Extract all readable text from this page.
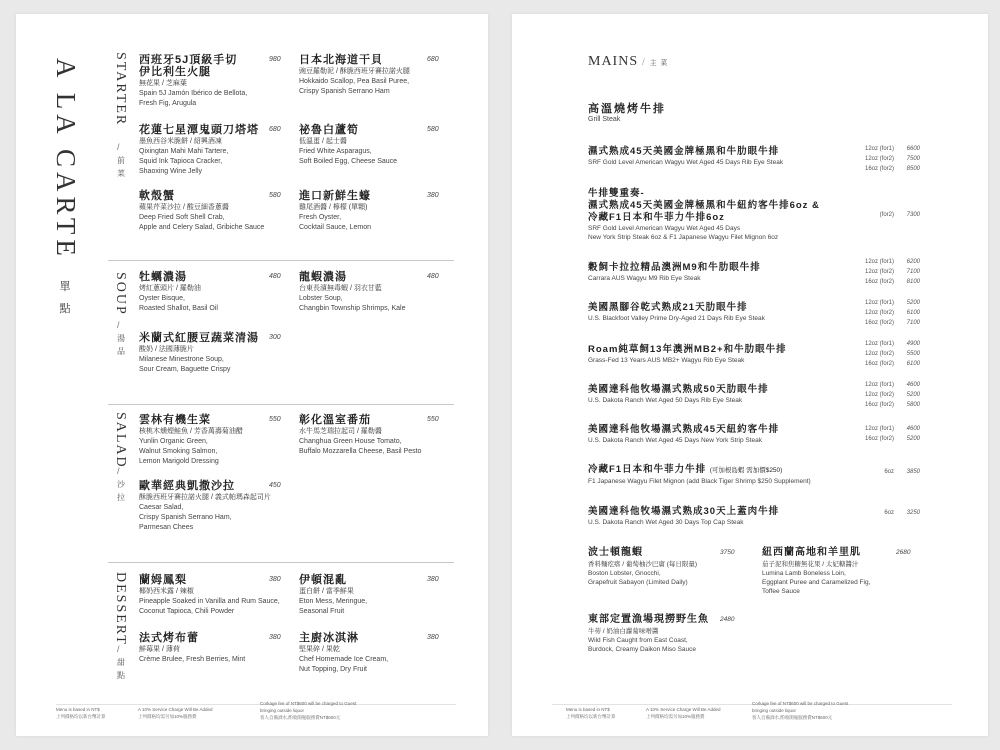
A LA CARTE
單
點
STARTER
/
前
菜
西班牙5J頂級手切
伊比利生火腿
無花果 / 芝麻葉
Spain 5J Jamón Ibérico de Bellota,
Fresh Fig, Arugula
980 日本北海道干貝
豌豆羅勒泥 / 酥脆西班牙賽拉諾火腿
Hokkaido Scallop, Pea Basil Puree,
Crispy Spanish Serrano Ham
680
花蓮七星潭鬼頭刀塔塔
墨魚西谷米脆餅 / 紹興酒凍
Qixingtan Mahi Mahi Tartere,
Squid Ink Tapioca Cracker,
Shaoxing Wine Jelly
680 祕魯白蘆筍
低溫蛋 / 起士醬
Fried White Asparagus,
Soft Boiled Egg, Cheese Sauce
580
軟殼蟹
蘋果芹菜沙拉 / 酸豆細香蔥醬
Deep Fried Soft Shell Crab,
Apple and Celery Salad, Gribiche Sauce
580 進口新鮮生蠔
雞尾酒醬 / 檸檬 (單顆)
Fresh Oyster,
Cocktail Sauce, Lemon
380
SOUP
/
湯
品
牡蠣濃湯
烤紅蔥頭片 / 羅勒油
Oyster Bisque,
Roasted Shallot, Basil Oil
480 龍蝦濃湯
台東長濱無毒蝦 / 羽衣甘藍
Lobster Soup,
Changbin Township Shrimps, Kale
480
米蘭式紅腰豆蔬菜清湯
酸奶 / 法國薄脆片
Milanese Minestrone Soup,
Sour Cream, Baguette Crispy
300
SALAD
/
沙
拉
雲林有機生菜
核桃木燻煙鮭魚 / 芳香萬壽菊油醋
Yunlin Organic Green,
Walnut Smoking Salmon,
Lemon Marigold Dressing
550 彰化溫室番茄
水牛馬芝瑞拉起司 / 羅勒醬
Changhua Green House Tomato,
Buffalo Mozzarella Cheese, Basil Pesto
550
歐華經典凱撒沙拉
酥脆西班牙賽拉諾火腿 / 義式帕瑪森起司片
Caesar Salad,
Crispy Spanish Serrano Ham,
Parmesan Chees
450
DESSERT
/
甜
點
蘭姆鳳梨
椰奶西米露 / 辣椒
Pineapple Soaked in Vanilla and Rum Sauce,
Coconut Tapioca, Chili Powder
380 伊頓混亂
蛋白餅 / 當季鮮果
Eton Mess, Meringue,
Seasonal Fruit
380
法式烤布蕾
鮮莓果 / 薄荷
Crème Brulee, Fresh Berries, Mint
380 主廚冰淇淋
堅果碎 / 果乾
Chef Homemade Ice Cream,
Nut Topping, Dry Fruit
380
Menu is based in NT$
上列價格均以新台幣計算
A 10% Service Charge Will Be Added
上列價格均需另加10%服務費
Corkage fee of NT$600 will be charged to Guest
bringing outside liquor
客人自備酒水,酌收開瓶服務費NT$600元
MAINS / 主 菜
高溫燒烤牛排
Grill Steak
濕式熟成45天美國金牌極黑和牛肋眼牛排
SRF Gold Level American Wagyu Wet Aged 45 Days Rib Eye Steak
12oz (for1) 6600
12oz (for2) 7500
16oz (for2) 8500
牛排雙重奏-
濕式熟成45天美國金牌極黑和牛紐約客牛排6oz &
冷藏F1日本和牛菲力牛排6oz
SRF Gold Level American Wagyu Wet Aged 45 Days
New York Strip Steak 6oz & F1 Japanese Wagyu Filet Mignon 6oz
(for2) 7300
穀飼卡拉拉精品澳洲M9和牛肋眼牛排
Carrara AUS Wagyu M9 Rib Eye Steak
12oz (for1) 6200
12oz (for2) 7100
16oz (for2) 8100
美國黑腳谷乾式熟成21天肋眼牛排
U.S. Blackfoot Valley Prime Dry-Aged 21 Days Rib Eye Steak
12oz (for1) 5200
12oz (for2) 6100
16oz (for2) 7100
Roam純草飼13年澳洲MB2+和牛肋眼牛排
Grass-Fed 13 Years AUS MB2+ Wagyu Rib Eye Steak
12oz (for1) 4900
12oz (for2) 5500
16oz (for2) 6100
美國達科他牧場濕式熟成50天肋眼牛排
U.S. Dakota Ranch Wet Aged 50 Days Rib Eye Steak
12oz (for1) 4600
12oz (for2) 5200
16oz (for2) 5800
美國達科他牧場濕式熟成45天紐約客牛排
U.S. Dakota Ranch Wet Aged 45 Days New York Strip Steak
12oz (for1) 4600
16oz (for2) 5200
冷藏F1日本和牛菲力牛排 (可加根島蝦 需加價$250)
F1 Japanese Wagyu Filet Mignon (add Black Tiger Shrimp $250 Supplement)
6oz 3850
美國達科他牧場濕式熟成30天上蓋肉牛排
U.S. Dakota Ranch Wet Aged 30 Days Top Cap Steak
6oz 3250
波士頓龍蝦
香料麵疙瘩 / 葡萄柚沙巴庸 (每日限量)
Boston Lobster, Gnocchi,
Grapefruit Sabayon (Limited Daily)
3750	紐西蘭高地和羊里肌
茄子泥和焦糖無花果 / 太妃糖醬汁
Lumina Lamb Boneless Loin,
Eggplant Puree and Caramelized Fig,
Toffee Sauce
2680
東部定置漁場現撈野生魚
牛蒡 / 奶油白蘿蔔味噌醬
Wild Fish Caught from East Coast,
Burdock, Creamy Daikon Miso Sauce
2480
Menu is based in NT$
上列價格均以新台幣計算
A 10% Service Charge Will Be Added
上列價格均需另加10%服務費
Corkage fee of NT$600 will be charged to Guest
bringing outside liquor
客人自備酒水,酌收開瓶服務費NT$600元
